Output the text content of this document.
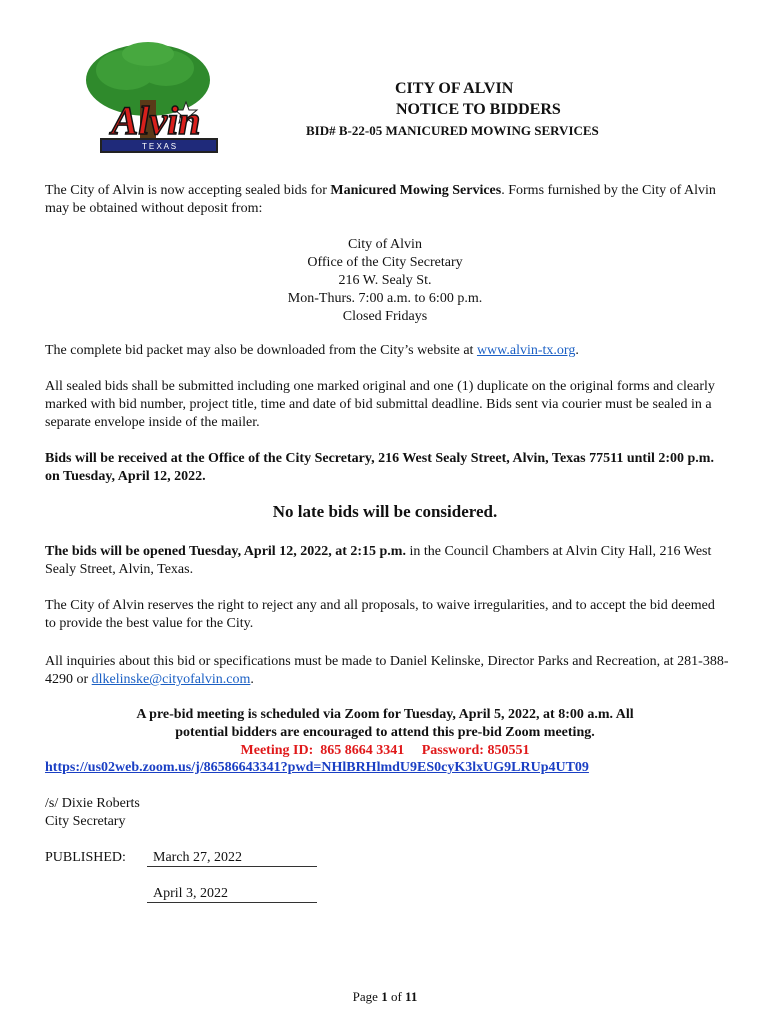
T E X A S
Alvin
CITY OF ALVIN
NOTICE TO BIDDERS
BID# B-22-05 MANICURED MOWING SERVICES
The City of Alvin is now accepting sealed bids for Manicured Mowing Services. Forms furnished by the City of Alvin may be obtained without deposit from:
City of Alvin
Office of the City Secretary
216 W. Sealy St.
Mon-Thurs. 7:00 a.m. to 6:00 p.m.
Closed Fridays
The complete bid packet may also be downloaded from the City’s website at www.alvin-tx.org.
All sealed bids shall be submitted including one marked original and one (1) duplicate on the original forms and clearly marked with bid number, project title, time and date of bid submittal deadline. Bids sent via courier must be sealed in a separate envelope inside of the mailer.
Bids will be received at the Office of the City Secretary, 216 West Sealy Street, Alvin, Texas 77511 until 2:00 p.m. on Tuesday, April 12, 2022.
No late bids will be considered.
The bids will be opened Tuesday, April 12, 2022, at 2:15 p.m. in the Council Chambers at Alvin City Hall, 216 West Sealy Street, Alvin, Texas.
The City of Alvin reserves the right to reject any and all proposals, to waive irregularities, and to accept the bid deemed to provide the best value for the City.
All inquiries about this bid or specifications must be made to Daniel Kelinske, Director Parks and Recreation, at 281-388-4290 or dlkelinske@cityofalvin.com.
A pre-bid meeting is scheduled via Zoom for Tuesday, April 5, 2022, at 8:00 a.m. All
potential bidders are encouraged to attend this pre-bid Zoom meeting.
Meeting ID:  865 8664 3341     Password: 850551
https://us02web.zoom.us/j/86586643341?pwd=NHlBRHlmdU9ES0cyK3lxUG9LRUp4UT09
/s/ Dixie Roberts
City Secretary
PUBLISHED:	March 27, 2022
April 3, 2022
Page 1 of 11
